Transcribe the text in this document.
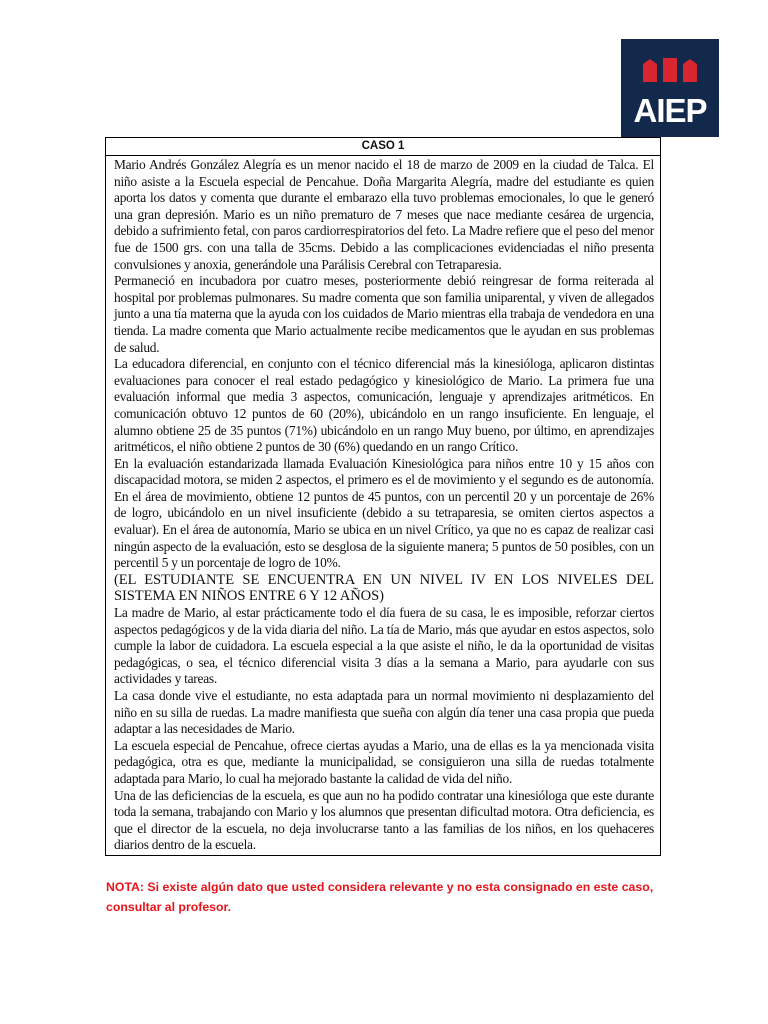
AIEP
CASO 1

Mario Andrés González Alegría es un menor nacido el 18 de marzo de 2009 en la ciudad de Talca. El niño asiste a la Escuela especial de Pencahue. Doña Margarita Alegría, madre del estudiante es quien aporta los datos y comenta que durante el embarazo ella tuvo problemas emocionales, lo que le generó una gran depresión. Mario es un niño prematuro de 7 meses que nace mediante cesárea de urgencia, debido a sufrimiento fetal, con paros cardiorrespiratorios del feto. La Madre refiere que el peso del menor fue de 1500 grs. con una talla de 35cms. Debido a las complicaciones evidenciadas el niño presenta convulsiones y anoxia, generándole una Parálisis Cerebral con Tetraparesia.

Permaneció en incubadora por cuatro meses, posteriormente debió reingresar de forma reiterada al hospital por problemas pulmonares. Su madre comenta que son familia uniparental, y viven de allegados junto a una tía materna que la ayuda con los cuidados de Mario mientras ella trabaja de vendedora en una tienda. La madre comenta que Mario actualmente recibe medicamentos que le ayudan en sus problemas de salud.

La educadora diferencial, en conjunto con el técnico diferencial más la kinesióloga, aplicaron distintas evaluaciones para conocer el real estado pedagógico y kinesiológico de Mario. La primera fue una evaluación informal que media 3 aspectos, comunicación, lenguaje y aprendizajes aritméticos. En comunicación obtuvo 12 puntos de 60 (20%), ubicándolo en un rango insuficiente. En lenguaje, el alumno obtiene 25 de 35 puntos (71%) ubicándolo en un rango Muy bueno, por último, en aprendizajes aritméticos, el niño obtiene 2 puntos de 30 (6%) quedando en un rango Crítico.

En la evaluación estandarizada llamada Evaluación Kinesiológica para niños entre 10 y 15 años con discapacidad motora, se miden 2 aspectos, el primero es el de movimiento y el segundo es de autonomía. En el área de movimiento, obtiene 12 puntos de 45 puntos, con un percentil 20 y un porcentaje de 26% de logro, ubicándolo en un nivel insuficiente (debido a su tetraparesia, se omiten ciertos aspectos a evaluar). En el área de autonomía, Mario se ubica en un nivel Crítico, ya que no es capaz de realizar casi ningún aspecto de la evaluación, esto se desglosa de la siguiente manera; 5 puntos de 50 posibles, con un percentil 5 y un porcentaje de logro de 10%.

(EL ESTUDIANTE SE ENCUENTRA EN UN NIVEL IV EN LOS NIVELES DEL SISTEMA EN NIÑOS ENTRE 6 Y 12 AÑOS)

La madre de Mario, al estar prácticamente todo el día fuera de su casa, le es imposible, reforzar ciertos aspectos pedagógicos y de la vida diaria del niño. La tía de Mario, más que ayudar en estos aspectos, solo cumple la labor de cuidadora. La escuela especial a la que asiste el niño, le da la oportunidad de visitas pedagógicas, o sea, el técnico diferencial visita 3 días a la semana a Mario, para ayudarle con sus actividades y tareas.

La casa donde vive el estudiante, no esta adaptada para un normal movimiento ni desplazamiento del niño en su silla de ruedas. La madre manifiesta que sueña con algún día tener una casa propia que pueda adaptar a las necesidades de Mario.

La escuela especial de Pencahue, ofrece ciertas ayudas a Mario, una de ellas es la ya mencionada visita pedagógica, otra es que, mediante la municipalidad, se consiguieron una silla de ruedas totalmente adaptada para Mario, lo cual ha mejorado bastante la calidad de vida del niño.

Una de las deficiencias de la escuela, es que aun no ha podido contratar una kinesióloga que este durante toda la semana, trabajando con Mario y los alumnos que presentan dificultad motora. Otra deficiencia, es que el director de la escuela, no deja involucrarse tanto a las familias de los niños, en los quehaceres diarios dentro de la escuela.

NOTA: Si existe algún dato que usted considera relevante y no esta consignado en este caso, consultar al profesor.
